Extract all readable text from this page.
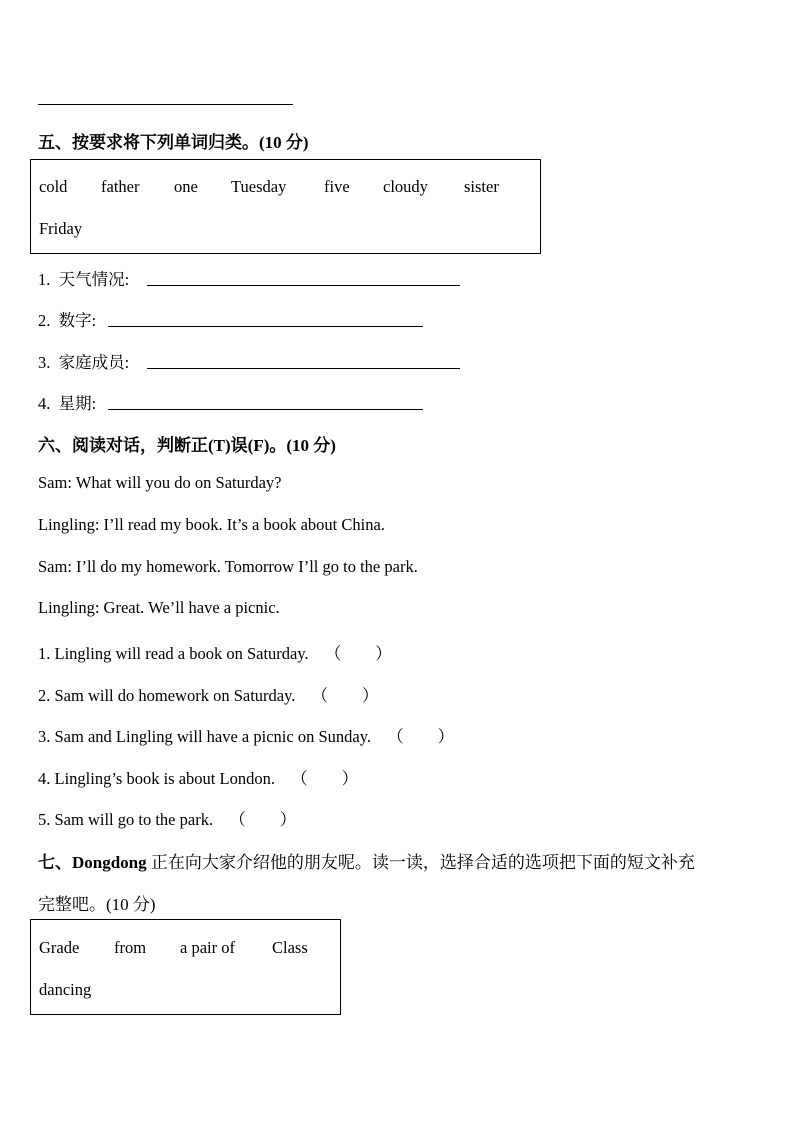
五、按要求将下列单词归类。(10 分)
cold father one Tuesday five cloudy sister
Friday
1. 天气情况:
2. 数字:
3. 家庭成员:
4. 星期:
六、阅读对话，判断正(T)误(F)。(10 分)
Sam: What will you do on Saturday?
Lingling: I’ll read my book. It’s a book about China.
Sam: I’ll do my homework. Tomorrow I’ll go to the park.
Lingling: Great. We’ll have a picnic.
1. Lingling will read a book on Saturday. （ ）
2. Sam will do homework on Saturday. （ ）
3. Sam and Lingling will have a picnic on Sunday. （ ）
4. Lingling’s book is about London. （ ）
5. Sam will go to the park. （ ）
七、Dongdong 正在向大家介绍他的朋友呢。读一读，选择合适的选项把下面的短文补充
完整吧。(10 分)
Grade from a pair of Class
dancing
